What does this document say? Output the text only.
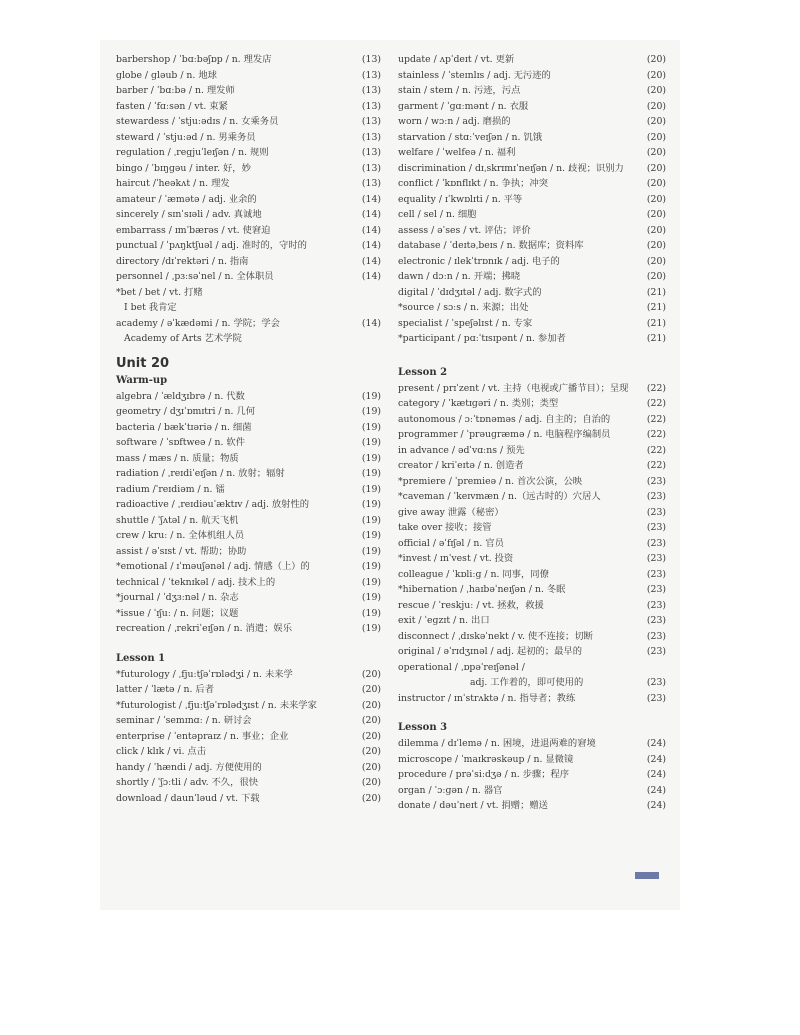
barbershop / ˈbɑːbəʃɒp / n. 理发店	(13)
globe / ɡləub / n. 地球	(13)
barber / ˈbɑːbə / n. 理发师	(13)
fasten / ˈfɑːsən / vt. 束紧	(13)
stewardess / ˈstjuːədɪs / n. 女乘务员	(13)
steward / ˈstjuːəd / n. 男乘务员	(13)
regulation / ˌreɡjuˈleɪʃən / n. 规则	(13)
bingo / ˈbɪŋɡəu / inter. 好，妙	(13)
haircut /ˈheəkʌt / n. 理发	(13)
amateur / ˈæmətə / adj. 业余的	(14)
sincerely / sɪnˈsɪəli / adv. 真诚地	(14)
embarrass / ɪmˈbærəs / vt. 使窘迫	(14)
punctual / ˈpʌŋktʃuəl / adj. 准时的，守时的	(14)
directory /dɪˈrektəri / n. 指南	(14)
personnel / ˌpɜːsəˈnel / n. 全体职员	(14)
*bet / bet / vt. 打赌
I bet 我肯定
academy / əˈkædəmi / n. 学院；学会	(14)
Academy of Arts 艺术学院
Unit 20
Warm-up
algebra / ˈældʒɪbrə / n. 代数	(19)
geometry / dʒɪˈɒmɪtri / n. 几何	(19)
bacteria / bækˈtɪəriə / n. 细菌	(19)
software / ˈsɒftweə / n. 软件	(19)
mass / mæs / n. 质量；物质	(19)
radiation / ˌreɪdiˈeɪʃən / n. 放射；辐射	(19)
radium /ˈreɪdiəm / n. 镭	(19)
radioactive / ˌreɪdiəuˈæktɪv / adj. 放射性的	(19)
shuttle / ˈʃʌtəl / n. 航天飞机	(19)
crew / kruː / n. 全体机组人员	(19)
assist / əˈsɪst / vt. 帮助；协助	(19)
*emotional / ɪˈməuʃənəl / adj. 情感（上）的	(19)
technical / ˈteknɪkəl / adj. 技术上的	(19)
*journal / ˈdʒɜːnəl / n. 杂志	(19)
*issue / ˈɪʃuː / n. 问题；议题	(19)
recreation / ˌrekriˈeɪʃən / n. 消遣；娱乐	(19)
Lesson 1
*futurology / ˌfjuːtʃəˈrɒlədʒi / n. 未来学	(20)
latter / ˈlætə / n. 后者	(20)
*futurologist / ˌfjuːtʃəˈrɒlədʒɪst / n. 未来学家	(20)
seminar / ˈsemɪnɑː / n. 研讨会	(20)
enterprise / ˈentəpraɪz / n. 事业；企业	(20)
click / klɪk / vi. 点击	(20)
handy / ˈhændi / adj. 方便使用的	(20)
shortly / ˈʃɔːtli / adv. 不久，很快	(20)
download / daunˈləud / vt. 下载	(20)
update / ʌpˈdeɪt / vt. 更新	(20)
stainless / ˈsteɪnlɪs / adj. 无污迹的	(20)
stain / steɪn / n. 污迹，污点	(20)
garment / ˈɡɑːmənt / n. 衣服	(20)
worn / wɔːn / adj. 磨损的	(20)
starvation / stɑːˈveɪʃən / n. 饥饿	(20)
welfare / ˈwelfeə / n. 福利	(20)
discrimination / dɪˌskrɪmɪˈneɪʃən / n. 歧视；识别力 (20)
conflict / ˈkɒnflɪkt / n. 争执；冲突	(20)
equality / ɪˈkwɒlɪti / n. 平等	(20)
cell / sel / n. 细胞	(20)
assess / əˈses / vt. 评估；评价	(20)
database / ˈdeɪtəˌbeɪs / n. 数据库；资料库	(20)
electronic / ɪlekˈtrɒnɪk / adj. 电子的	(20)
dawn / dɔːn / n. 开端；拂晓	(20)
digital / ˈdɪdʒɪtəl / adj. 数字式的	(21)
*source / sɔːs / n. 来源；出处	(21)
specialist / ˈspeʃəlɪst / n. 专家	(21)
*participant / pɑːˈtɪsɪpənt / n. 参加者	(21)
Lesson 2
present / prɪˈzent / vt. 主持（电视或广播节目）；呈现 (22)
category / ˈkætɪɡəri / n. 类别；类型	(22)
autonomous / ɔːˈtɒnəməs / adj. 自主的；自治的	(22)
programmer / ˈprəuɡræmə / n. 电脑程序编制员	(22)
in advance / ədˈvɑːns / 预先	(22)
creator / kriˈeɪtə / n. 创造者	(22)
*premiere / ˈpremieə / n. 首次公演，公映	(23)
*caveman / ˈkeɪvmæn / n.（远古时的）穴居人	(23)
give away 泄露（秘密）	(23)
take over 接收；接管	(23)
official / əˈfɪʃəl / n. 官员	(23)
*invest / ɪnˈvest / vt. 投资	(23)
colleague / ˈkɒliːɡ / n. 同事，同僚	(23)
*hibernation / ˌhaɪbəˈneɪʃən / n. 冬眠	(23)
rescue / ˈreskjuː / vt. 拯救，救援	(23)
exit / ˈeɡzɪt / n. 出口	(23)
disconnect / ˌdɪskəˈnekt / v. 使不连接；切断	(23)
original / əˈrɪdʒɪnəl / adj. 起初的；最早的	(23)
operational / ˌɒpəˈreɪʃənəl /
adj. 工作着的，即可使用的	(23)
instructor / ɪnˈstrʌktə / n. 指导者；教练	(23)
Lesson 3
dilemma / dɪˈlemə / n. 困境，进退两难的窘境	(24)
microscope / ˈmaɪkrəskəup / n. 显微镜	(24)
procedure / prəˈsiːdʒə / n. 步骤；程序	(24)
organ / ˈɔːɡən / n. 器官	(24)
donate / dəuˈneɪt / vt. 捐赠；赠送	(24)
